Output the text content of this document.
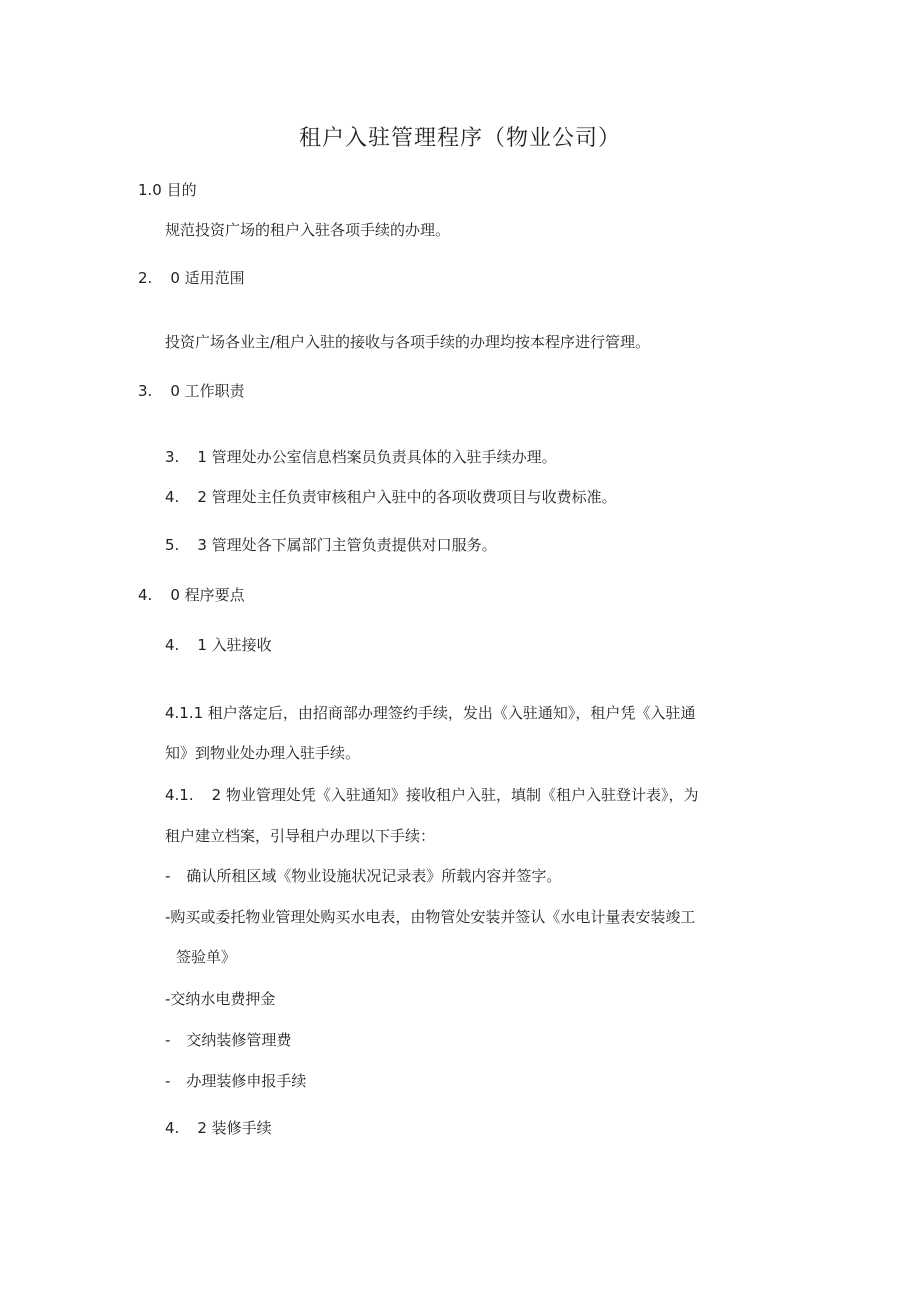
租户入驻管理程序（物业公司）
1.0 目的
规范投资广场的租户入驻各项手续的办理。
2. 0 适用范围
投资广场各业主/租户入驻的接收与各项手续的办理均按本程序进行管理。
3. 0 工作职责
3. 1 管理处办公室信息档案员负责具体的入驻手续办理。
4. 2 管理处主任负责审核租户入驻中的各项收费项目与收费标准。
5. 3 管理处各下属部门主管负责提供对口服务。
4. 0 程序要点
4. 1 入驻接收
4.1.1 租户落定后，由招商部办理签约手续，发出《入驻通知》，租户凭《入驻通
知》到物业处办理入驻手续。
4.1. 2 物业管理处凭《入驻通知》接收租户入驻，填制《租户入驻登计表》，为
租户建立档案，引导租户办理以下手续：
- 确认所租区域《物业设施状况记录表》所载内容并签字。
-购买或委托物业管理处购买水电表，由物管处安装并签认《水电计量表安装竣工
签验单》
-交纳水电费押金
- 交纳装修管理费
- 办理装修申报手续
4. 2 装修手续
